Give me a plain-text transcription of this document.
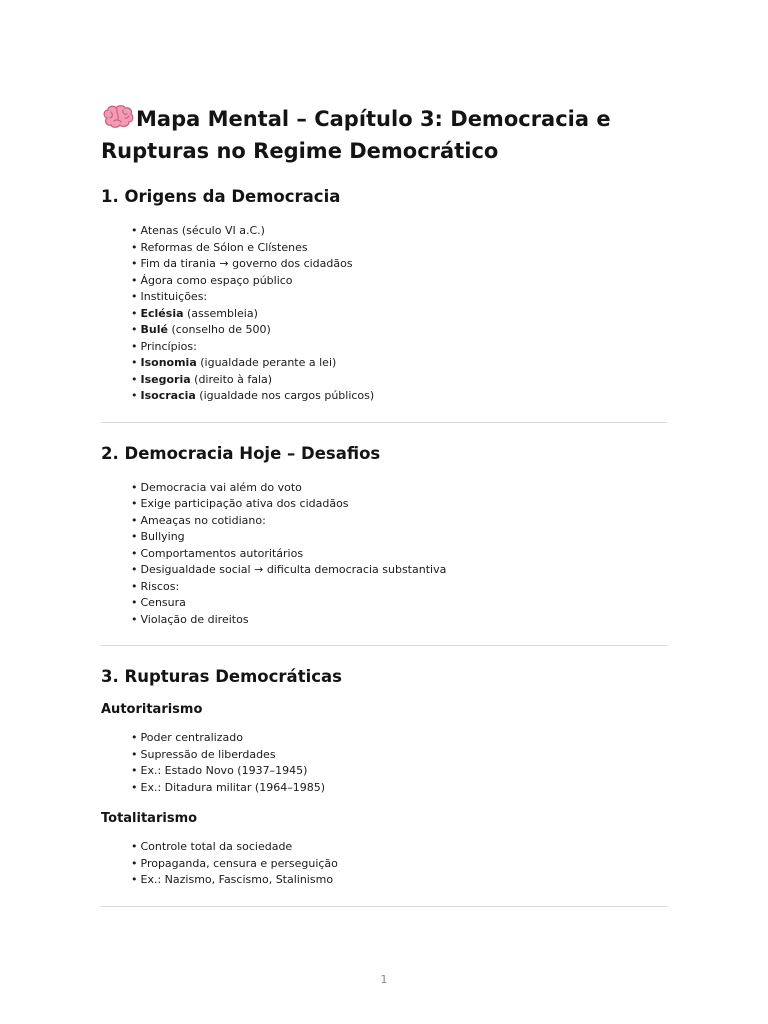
Mapa Mental – Capítulo 3: Democracia e
Rupturas no Regime Democrático
1. Origens da Democracia
• Atenas (século VI a.C.)
• Reformas de Sólon e Clístenes
• Fim da tirania → governo dos cidadãos
• Ágora como espaço público
• Instituições:
• Eclésia (assembleia)
• Bulé (conselho de 500)
• Princípios:
• Isonomia (igualdade perante a lei)
• Isegoria (direito à fala)
• Isocracia (igualdade nos cargos públicos)
2. Democracia Hoje – Desafios
• Democracia vai além do voto
• Exige participação ativa dos cidadãos
• Ameaças no cotidiano:
• Bullying
• Comportamentos autoritários
• Desigualdade social → dificulta democracia substantiva
• Riscos:
• Censura
• Violação de direitos
3. Rupturas Democráticas
Autoritarismo
• Poder centralizado
• Supressão de liberdades
• Ex.: Estado Novo (1937–1945)
• Ex.: Ditadura militar (1964–1985)
Totalitarismo
• Controle total da sociedade
• Propaganda, censura e perseguição
• Ex.: Nazismo, Fascismo, Stalinismo
1
